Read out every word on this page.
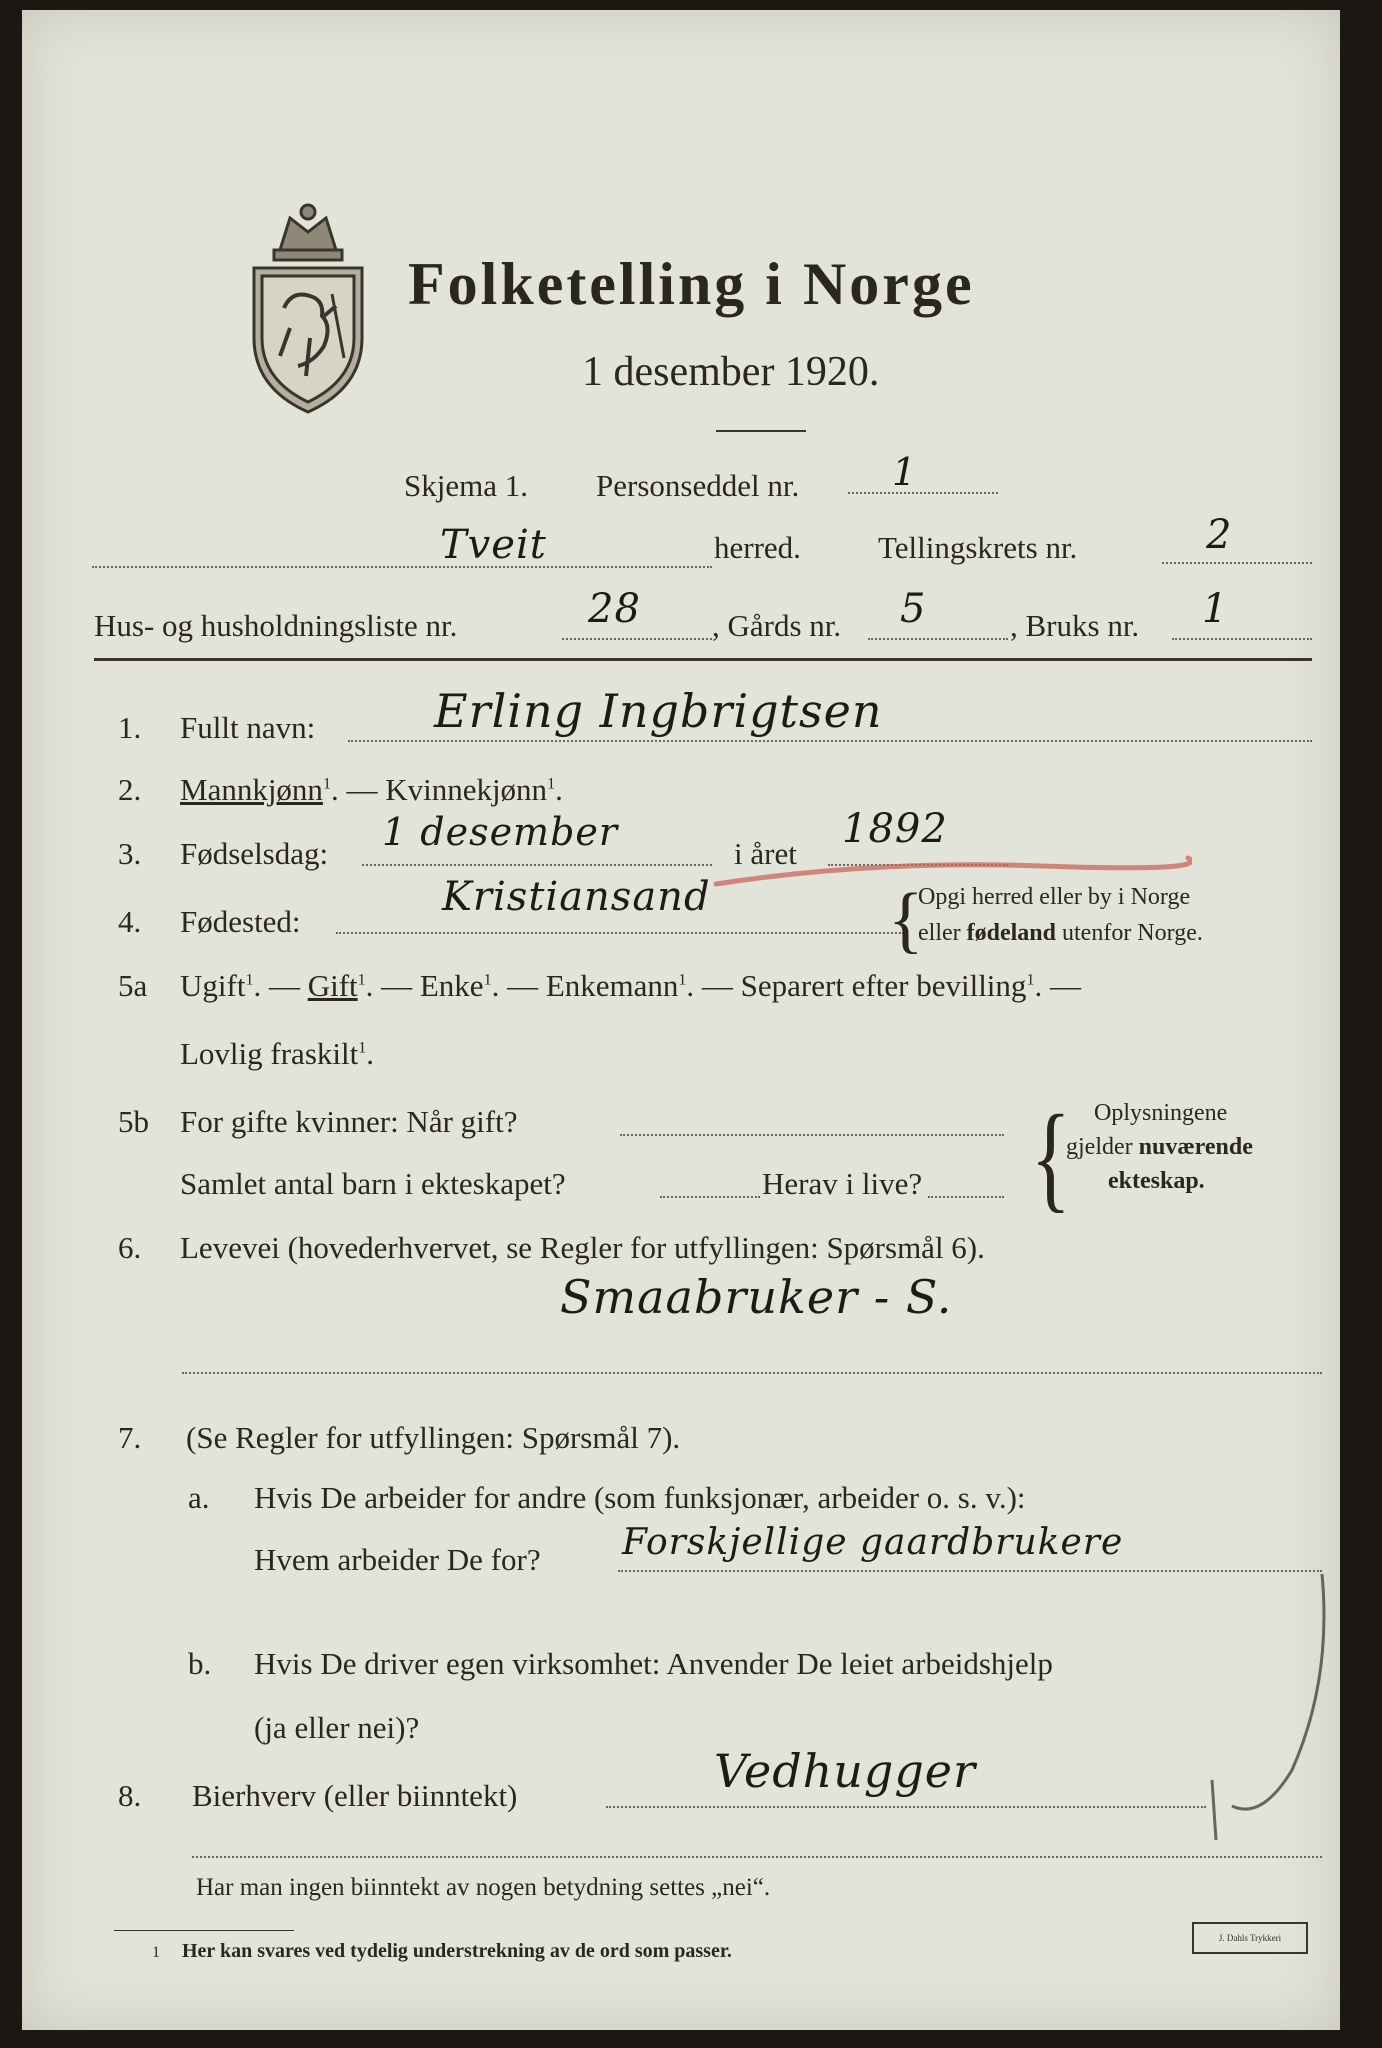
Folketelling i Norge
1 desember 1920.
Skjema 1. Personseddel nr. 1
Tveit	herred. Tellingskrets nr.	2
Hus- og husholdningsliste nr.	28 , Gårds nr. 5	, Bruks nr. 1
1. Fullt navn:	Erling Ingbrigtsen
2. Mannkjønn$^1$. — Kvinnekjønn$^1$.
3. Fødselsdag: 1 desember	i året
1892
4. Fødested:
Kristiansand {
Opgi herred eller by i Norge
eller fødeland utenfor Norge.
5a Ugift$^1$. — Gift$^1$. — Enke$^1$. — Enkemann$^1$. — Separert efter bevilling$^1$. —
Lovlig fraskilt$^1$.
5b For gifte kvinner: Når gift?
Samlet antal barn i ekteskapet?	Herav i live? { Oplysningene
gjelder nuværende
ekteskap.
6. Levevei (hovederhvervet, se Regler for utfyllingen: Spørsmål 6).
Smaabruker - S.
7. (Se Regler for utfyllingen: Spørsmål 7).
a. Hvis De arbeider for andre (som funksjonær, arbeider o. s. v.):
Hvem arbeider De for? Forskjellige gaardbrukere
b. Hvis De driver egen virksomhet: Anvender De leiet arbeidshjelp
(ja eller nei)?
8. Bierhverv (eller biinntekt)	Vedhugger
Har man ingen biinntekt av nogen betydning settes „nei“.
1 Her kan svares ved tydelig understrekning av de ord som passer.
J. Dahls Trykkeri
